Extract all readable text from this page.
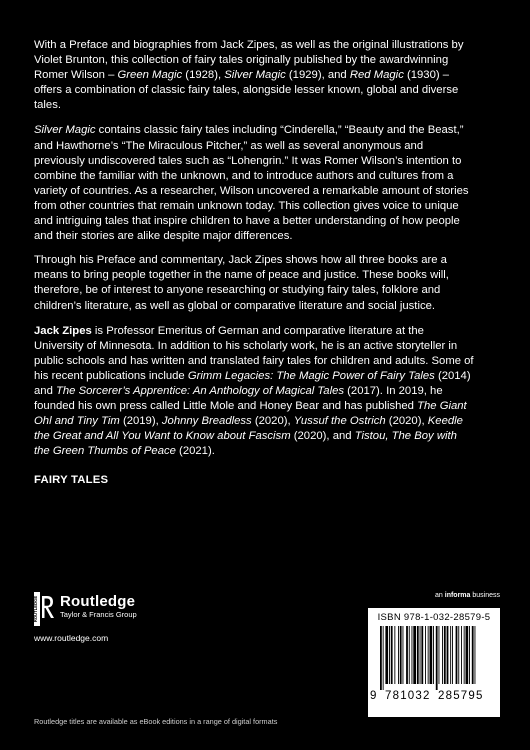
With a Preface and biographies from Jack Zipes, as well as the original illustrations by Violet Brunton, this collection of fairy tales originally published by the awardwinning Romer Wilson – Green Magic (1928), Silver Magic (1929), and Red Magic (1930) – offers a combination of classic fairy tales, alongside lesser known, global and diverse tales.

Silver Magic contains classic fairy tales including “Cinderella,” “Beauty and the Beast,” and Hawthorne’s “The Miraculous Pitcher,” as well as several anonymous and previously undiscovered tales such as “Lohengrin.” It was Romer Wilson’s intention to combine the familiar with the unknown, and to introduce authors and cultures from a variety of countries. As a researcher, Wilson uncovered a remarkable amount of stories from other countries that remain unknown today. This collection gives voice to unique and intriguing tales that inspire children to have a better understanding of how people and their stories are alike despite major differences.

Through his Preface and commentary, Jack Zipes shows how all three books are a means to bring people together in the name of peace and justice. These books will, therefore, be of interest to anyone researching or studying fairy tales, folklore and children’s literature, as well as global or comparative literature and social justice.

Jack Zipes is Professor Emeritus of German and comparative literature at the University of Minnesota. In addition to his scholarly work, he is an active storyteller in public schools and has written and translated fairy tales for children and adults. Some of his recent publications include Grimm Legacies: The Magic Power of Fairy Tales (2014) and The Sorcerer’s Apprentice: An Anthology of Magical Tales (2017). In 2019, he founded his own press called Little Mole and Honey Bear and has published The Giant Ohl and Tiny Tim (2019), Johnny Breadless (2020), Yussuf the Ostrich (2020), Keedle the Great and All You Want to Know about Fascism (2020), and Tistou, The Boy with the Green Thumbs of Peace (2021).

FAIRY TALES
ROUTLEDGE Routledge
Taylor & Francis Group
www.routledge.com
an informa business
ISBN 978-1-032-28579-5
9 781032 285795
Routledge titles are available as eBook editions in a range of digital formats
